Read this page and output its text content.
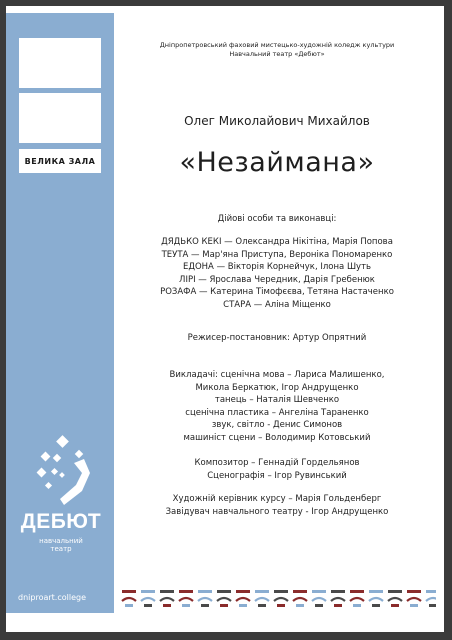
ВЕЛИКА ЗАЛА
ДЕБЮТ
навчальний
театр
dniproart.college
Дніпропетровський фаховий мистецько-художній коледж культури
Навчальний театр «Дебют»
Олег Миколайович Михайлов
«Незаймана»
Дійові особи та виконавці:
ДЯДЬКО КЕКІ — Олександра Нікітіна, Марія Попова
ТЕУТА — Мар'яна Приступа, Вероніка Пономаренко
ЕДОНА — Вікторія Корнейчук, Ілона Шуть
ЛІРІ — Ярослава Чередник, Дарія Гребенюк
РОЗАФА — Катерина Тімофєєва, Тетяна Настаченко
СТАРА — Аліна Міщенко
Режисер-постановник: Артур Опрятний
Викладачі: сценічна мова – Лариса Малишенко,
Микола Беркатюк, Ігор Андрущенко
танець – Наталія Шевченко
сценічна пластика – Ангеліна Тараненко
звук, світло - Денис Симонов
машиніст сцени – Володимир Котовський
Композитор – Геннадій Гордельянов
Сценографія – Ігор Рувинський
Художній керівник курсу – Марія Гольденберг
Завідувач навчального театру - Ігор Андрущенко
